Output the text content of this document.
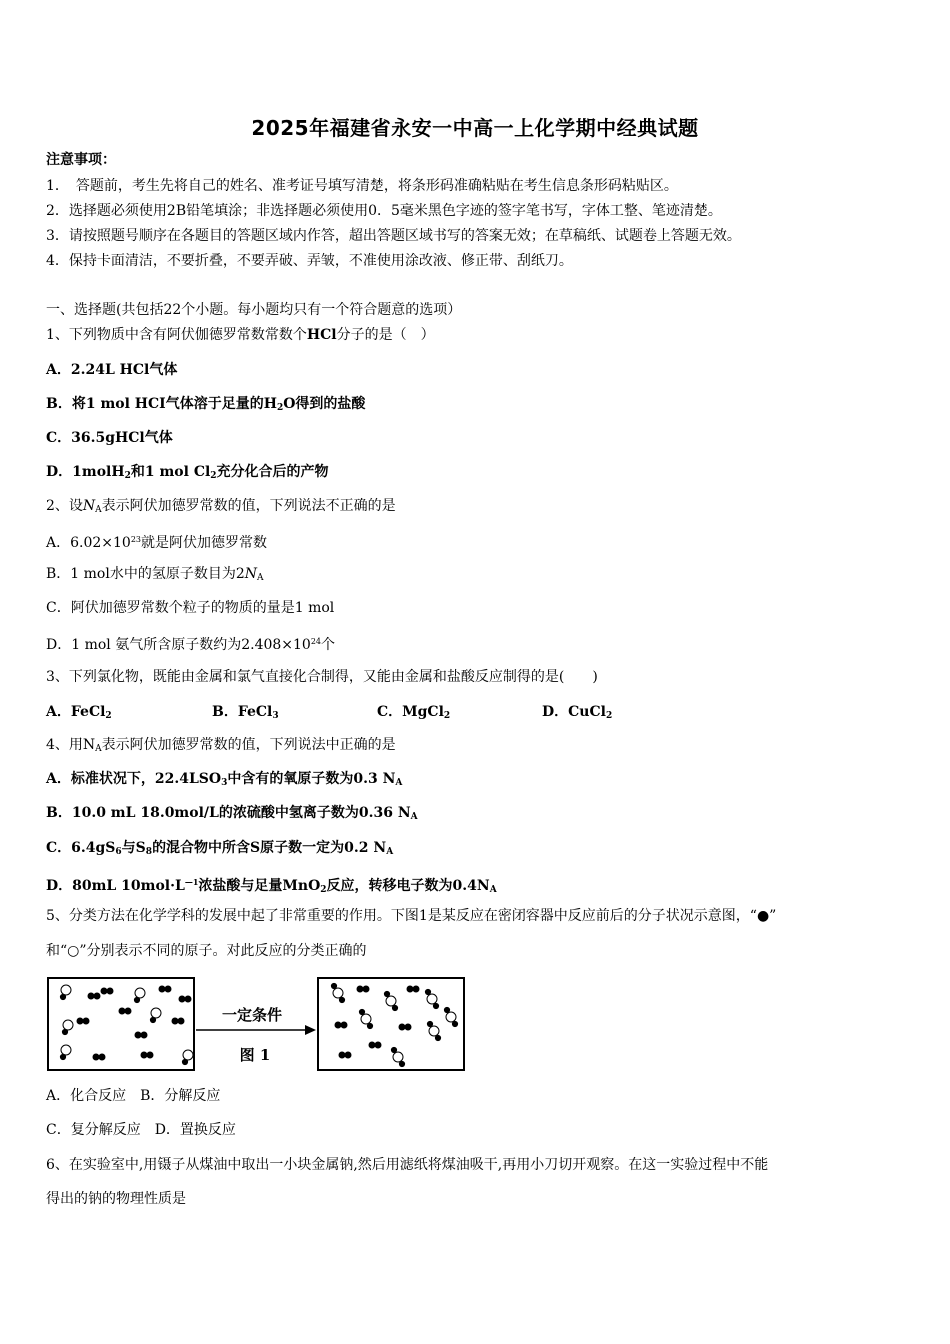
2025年福建省永安一中高一上化学期中经典试题
注意事项：
1．　答题前，考生先将自己的姓名、准考证号填写清楚，将条形码准确粘贴在考生信息条形码粘贴区。
2．选择题必须使用2B铅笔填涂；非选择题必须使用0．5毫米黑色字迹的签字笔书写，字体工整、笔迹清楚。
3．请按照题号顺序在各题目的答题区域内作答，超出答题区域书写的答案无效；在草稿纸、试题卷上答题无效。
4．保持卡面清洁，不要折叠，不要弄破、弄皱，不准使用涂改液、修正带、刮纸刀。
一、选择题(共包括22个小题。每小题均只有一个符合题意的选项）
1、下列物质中含有阿伏伽德罗常数常数个HCl分子的是（　）
A．2.24L HCl气体
B．将1 mol HCI气体溶于足量的$H_2O$得到的盐酸
C．36.5gHCl气体
D．1molH$_2$和1 mol $Cl_2$充分化合后的产物
2、设$N_A$表示阿伏加德罗常数的值，下列说法不正确的是
A．$6.02\times 10^{23}$就是阿伏加德罗常数
B．1 mol水中的氢原子数目为$2N_A$
C．阿伏加德罗常数个粒子的物质的量是1 mol
D．1 mol 氨气所含原子数约为$2.408\times 10^{24}$个
3、下列氯化物，既能由金属和氯气直接化合制得，又能由金属和盐酸反应制得的是(　　)
A．FeCl$_2$	B．FeCl$_3$	C．MgCl$_2$	D．CuCl$_2$
4、用$N_A$表示阿伏加德罗常数的值，下列说法中正确的是
A．标准状况下，$22.4LSO_3$中含有的氧原子数为0.3 $N_A$
B．10.0 mL 18.0mol/L的浓硫酸中氢离子数为0.36 $N_A$
C．$6.4gS_6$与$S_8$的混合物中所含S原子数一定为0.2 $N_A$
D．80mL $10mol\cdot L^{—1}$浓盐酸与足量MnO$_2$反应，转移电子数为$0.4N_A$
5、分类方法在化学学科的发展中起了非常重要的作用。下图1是某反应在密闭容器中反应前后的分子状况示意图，“●”
和“○”分别表示不同的原子。对此反应的分类正确的
一定条件
图 1
A．化合反应　B．分解反应
C．复分解反应　D．置换反应
6、在实验室中,用镊子从煤油中取出一小块金属钠,然后用滤纸将煤油吸干,再用小刀切开观察。在这一实验过程中不能
得出的钠的物理性质是
